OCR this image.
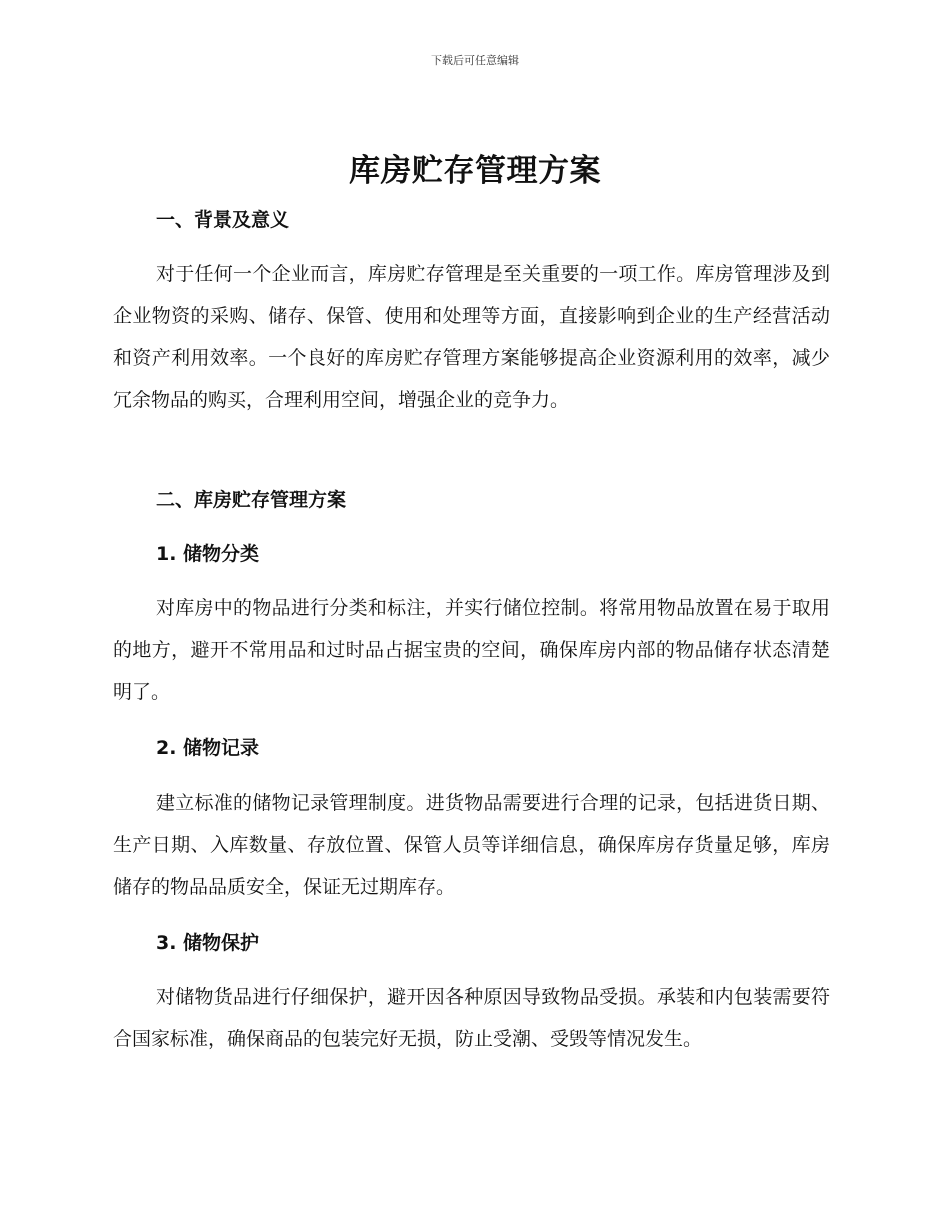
下载后可任意编辑
库房贮存管理方案
一、背景及意义

对于任何一个企业而言，库房贮存管理是至关重要的一项工作。库房管理涉及到企业物资的采购、储存、保管、使用和处理等方面，直接影响到企业的生产经营活动和资产利用效率。一个良好的库房贮存管理方案能够提高企业资源利用的效率，减少冗余物品的购买，合理利用空间，增强企业的竞争力。

二、库房贮存管理方案
1. 储物分类

对库房中的物品进行分类和标注，并实行储位控制。将常用物品放置在易于取用的地方，避开不常用品和过时品占据宝贵的空间，确保库房内部的物品储存状态清楚明了。

2. 储物记录

建立标准的储物记录管理制度。进货物品需要进行合理的记录，包括进货日期、生产日期、入库数量、存放位置、保管人员等详细信息，确保库房存货量足够，库房储存的物品品质安全，保证无过期库存。

3. 储物保护

对储物货品进行仔细保护，避开因各种原因导致物品受损。承装和内包装需要符合国家标准，确保商品的包装完好无损，防止受潮、受毁等情况发生。
